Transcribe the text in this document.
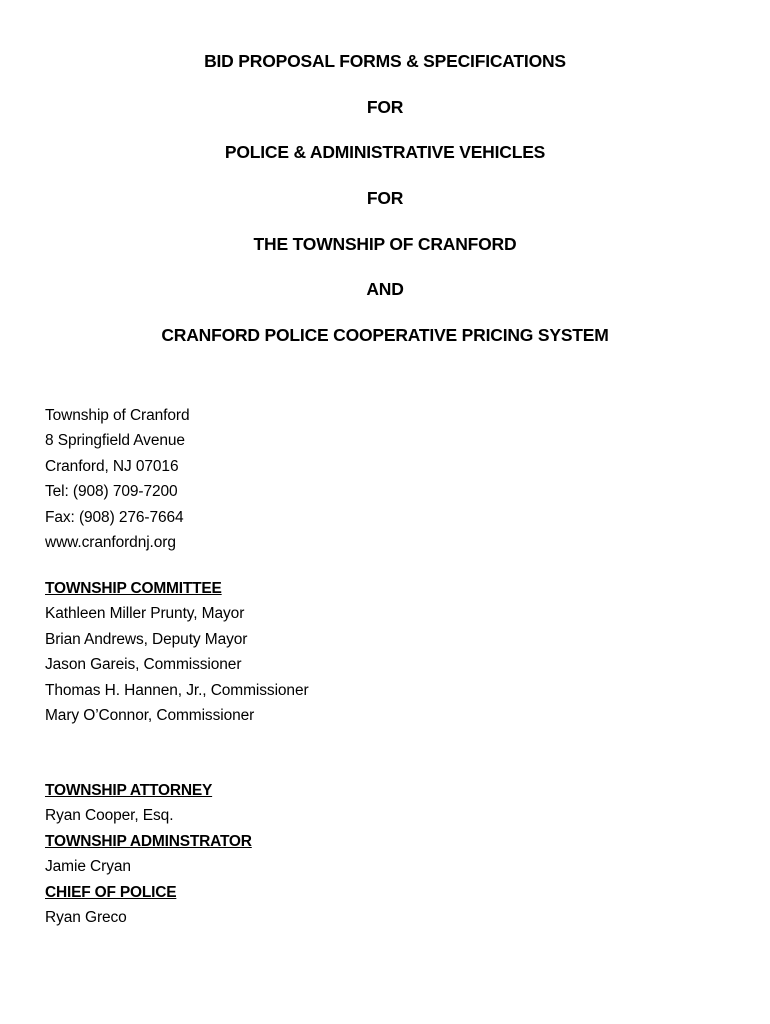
BID PROPOSAL FORMS & SPECIFICATIONS

FOR

POLICE & ADMINISTRATIVE VEHICLES

FOR

THE TOWNSHIP OF CRANFORD

AND

CRANFORD POLICE COOPERATIVE PRICING SYSTEM

Township of Cranford

8 Springfield Avenue

Cranford, NJ 07016

Tel: (908) 709-7200

Fax: (908) 276-7664

www.cranfordnj.org

TOWNSHIP COMMITTEE

Kathleen Miller Prunty, Mayor

Brian Andrews, Deputy Mayor

Jason Gareis, Commissioner

Thomas H. Hannen, Jr., Commissioner

Mary O’Connor, Commissioner

TOWNSHIP ATTORNEY

Ryan Cooper, Esq.

TOWNSHIP ADMINSTRATOR

Jamie Cryan

CHIEF OF POLICE

Ryan Greco
